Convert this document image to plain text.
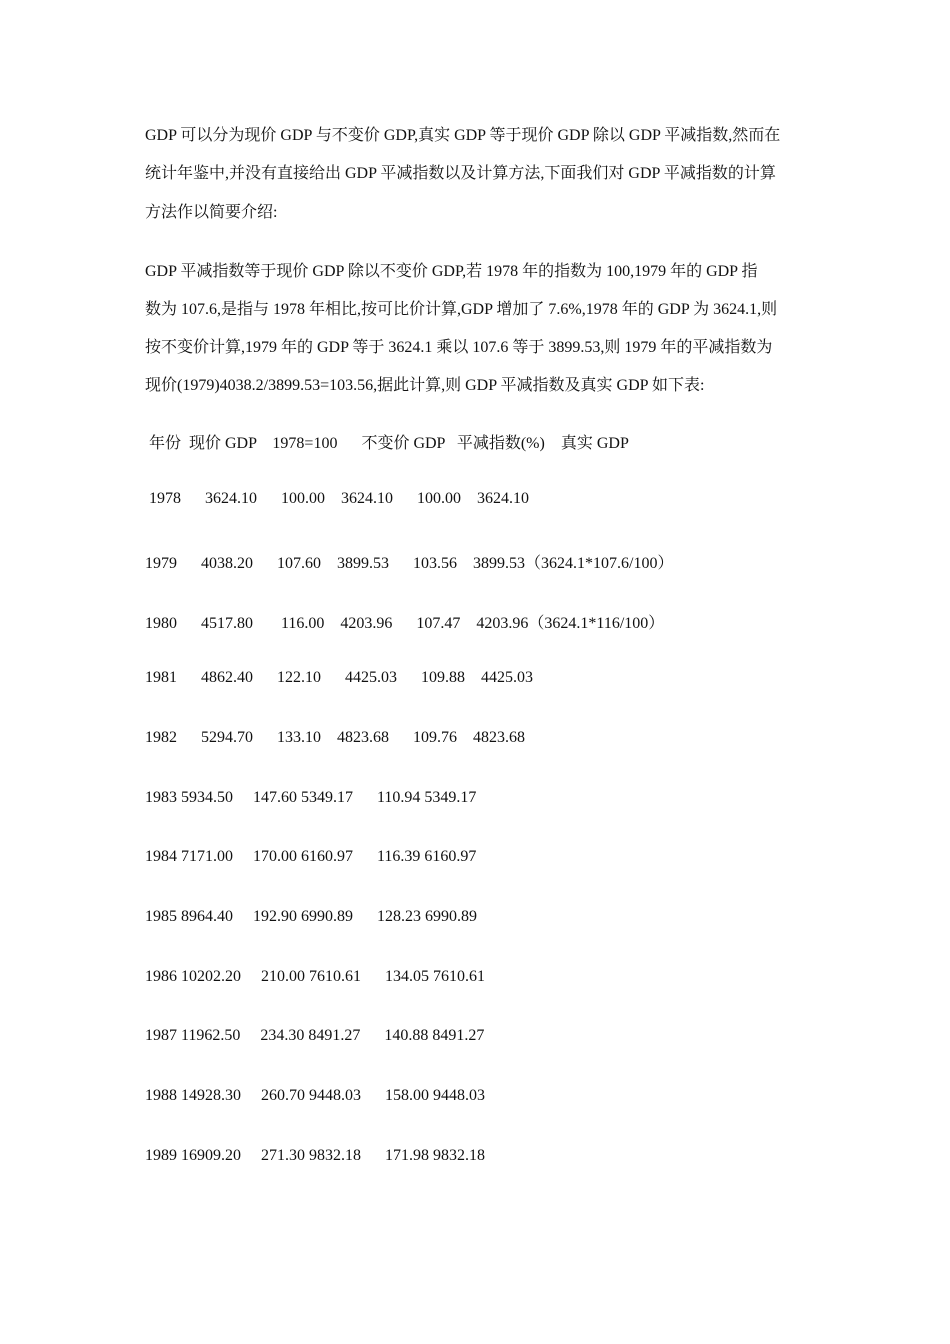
GDP 可以分为现价 GDP 与不变价 GDP,真实 GDP 等于现价 GDP 除以 GDP 平减指数,然而在
统计年鉴中,并没有直接给出 GDP 平减指数以及计算方法,下面我们对 GDP 平减指数的计算
方法作以简要介绍:
GDP 平减指数等于现价 GDP 除以不变价 GDP,若 1978 年的指数为 100,1979 年的 GDP 指
数为 107.6,是指与 1978 年相比,按可比价计算,GDP 增加了 7.6%,1978 年的 GDP 为 3624.1,则
按不变价计算,1979 年的 GDP 等于 3624.1 乘以 107.6 等于 3899.53,则 1979 年的平减指数为
现价(1979)4038.2/3899.53=103.56,据此计算,则 GDP 平减指数及真实 GDP 如下表:
年份  现价 GDP    1978=100      不变价 GDP   平减指数(%)    真实 GDP
1978      3624.10      100.00    3624.10      100.00    3624.10
1979      4038.20      107.60    3899.53      103.56    3899.53（3624.1*107.6/100）
1980      4517.80       116.00    4203.96      107.47    4203.96（3624.1*116/100）
1981      4862.40      122.10      4425.03      109.88    4425.03
1982      5294.70      133.10    4823.68      109.76    4823.68
1983 5934.50     147.60 5349.17      110.94 5349.17
1984 7171.00     170.00 6160.97      116.39 6160.97
1985 8964.40     192.90 6990.89      128.23 6990.89
1986 10202.20     210.00 7610.61      134.05 7610.61
1987 11962.50     234.30 8491.27      140.88 8491.27
1988 14928.30     260.70 9448.03      158.00 9448.03
1989 16909.20     271.30 9832.18      171.98 9832.18
